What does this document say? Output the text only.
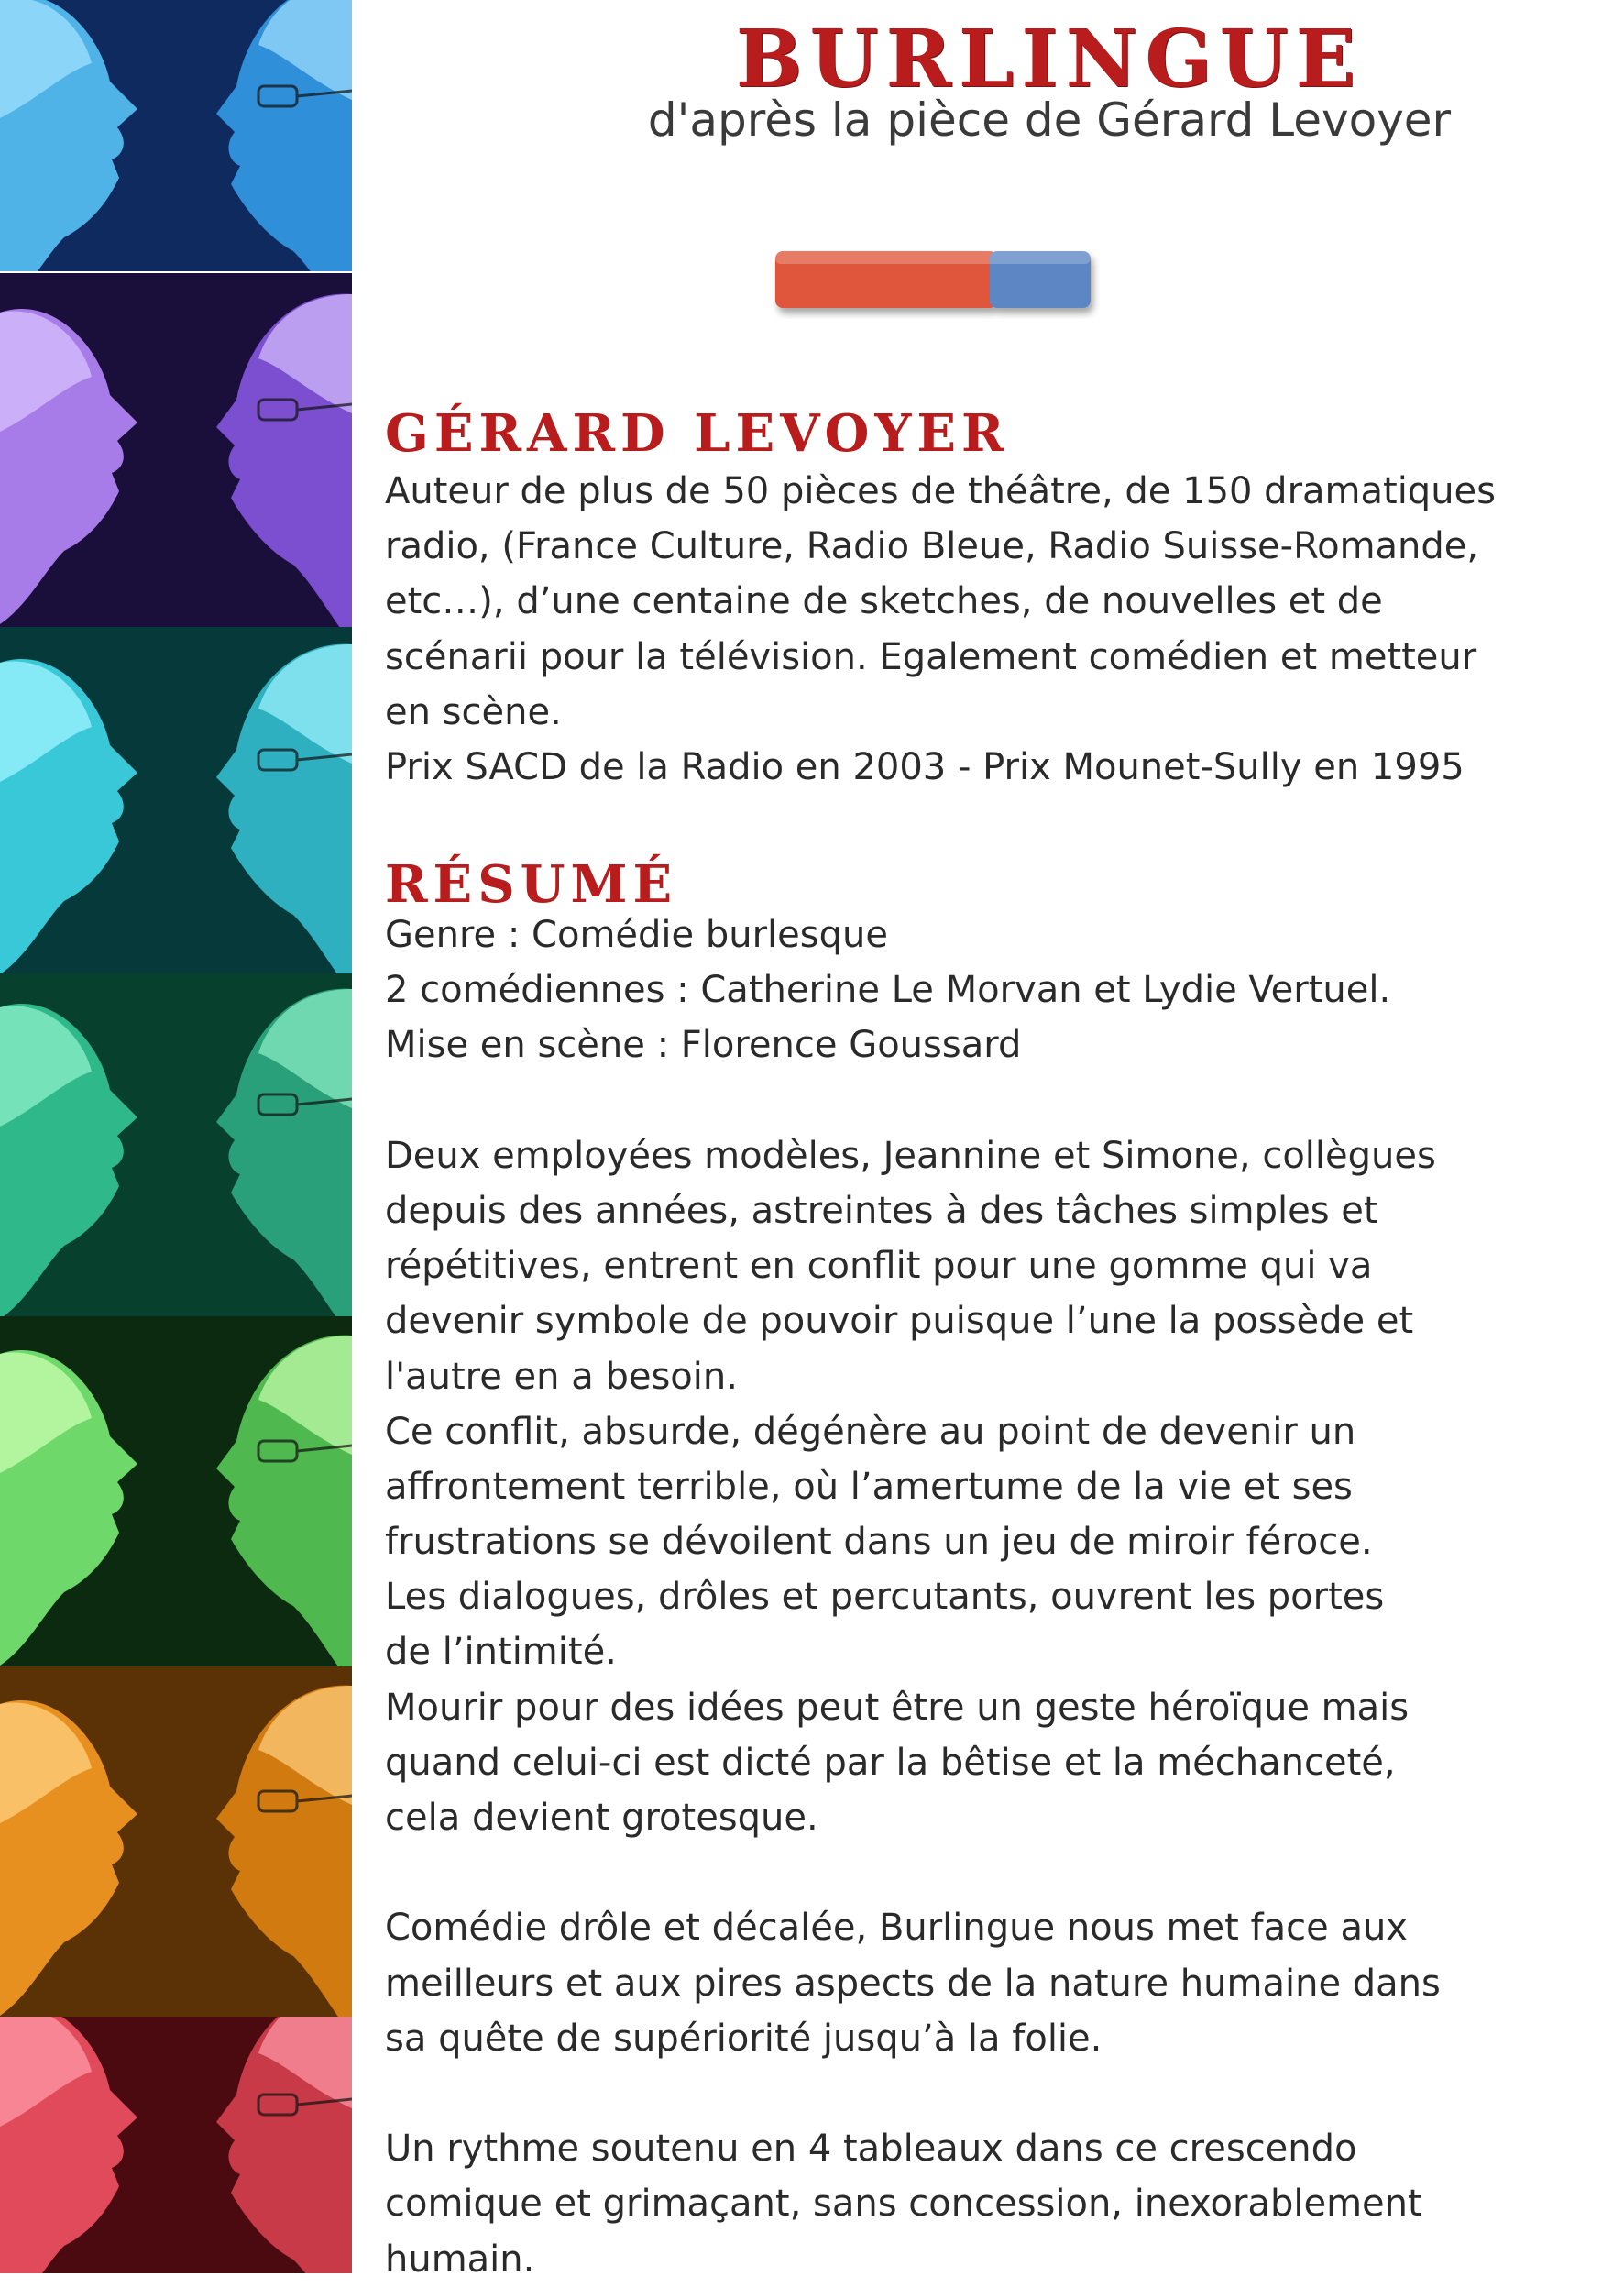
BURLINGUE
d'après la pièce de Gérard Levoyer
GÉRARD LEVOYER
Auteur de plus de 50 pièces de théâtre, de 150 dramatiques
radio, (France Culture, Radio Bleue, Radio Suisse-Romande,
etc…), d’une centaine de sketches, de nouvelles et de
scénarii pour la télévision. Egalement comédien et metteur
en scène.
Prix SACD de la Radio en 2003 - Prix Mounet-Sully en 1995
RÉSUMÉ
Genre : Comédie burlesque
2 comédiennes : Catherine Le Morvan et Lydie Vertuel.
Mise en scène : Florence Goussard
Deux employées modèles, Jeannine et Simone, collègues
depuis des années, astreintes à des tâches simples et
répétitives, entrent en conflit pour une gomme qui va
devenir symbole de pouvoir puisque l’une la possède et
l'autre en a besoin.
Ce conflit, absurde, dégénère au point de devenir un
affrontement terrible, où l’amertume de la vie et ses
frustrations se dévoilent dans un jeu de miroir féroce.
Les dialogues, drôles et percutants, ouvrent les portes
de l’intimité.
Mourir pour des idées peut être un geste héroïque mais
quand celui-ci est dicté par la bêtise et la méchanceté,
cela devient grotesque.
Comédie drôle et décalée, Burlingue nous met face aux
meilleurs et aux pires aspects de la nature humaine dans
sa quête de supériorité jusqu’à la folie.
Un rythme soutenu en 4 tableaux dans ce crescendo
comique et grimaçant, sans concession, inexorablement
humain.
